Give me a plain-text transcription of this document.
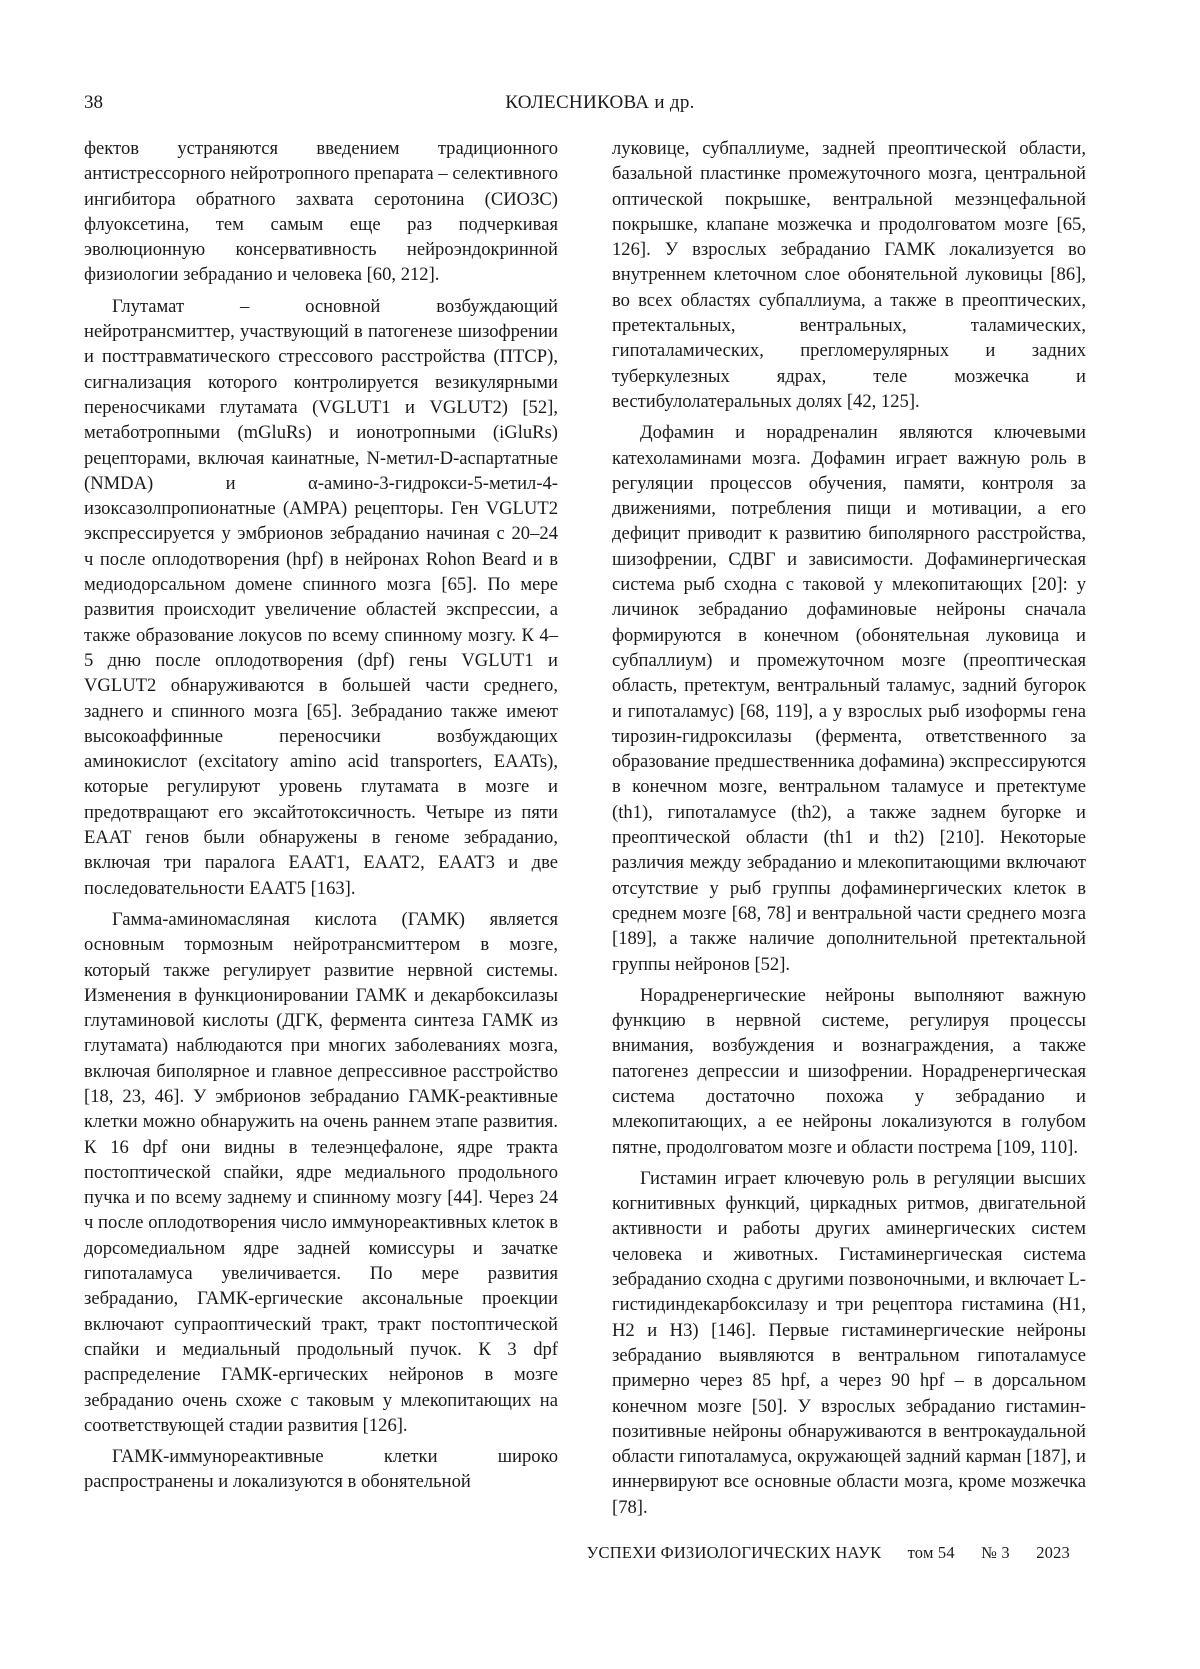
38	КОЛЕСНИКОВА и др.

фектов устраняются введением традиционного антистрессорного нейротропного препарата – селективного ингибитора обратного захвата серотонина (СИОЗС) флуоксетина, тем самым еще раз подчеркивая эволюционную консервативность нейроэндокринной физиологии зебраданио и человека [60, 212].

Глутамат – основной возбуждающий нейротрансмиттер, участвующий в патогенезе шизофрении и посттравматического стрессового расстройства (ПТСР), сигнализация которого контролируется везикулярными переносчиками глутамата (VGLUT1 и VGLUT2) [52], метаботропными (mGluRs) и ионотропными (iGluRs) рецепторами, включая каинатные, N-метил-D-аспартатные (NMDA) и α-амино-3-гидрокси-5-метил-4-изоксазолпропионатные (AMPA) рецепторы. Ген VGLUT2 экспрессируется у эмбрионов зебраданио начиная с 20–24 ч после оплодотворения (hpf) в нейронах Rohon Beard и в медиодорсальном домене спинного мозга [65]. По мере развития происходит увеличение областей экспрессии, а также образование локусов по всему спинному мозгу. К 4–5 дню после оплодотворения (dpf) гены VGLUT1 и VGLUT2 обнаруживаются в большей части среднего, заднего и спинного мозга [65]. Зебраданио также имеют высокоаффинные переносчики возбуждающих аминокислот (excitatory amino acid transporters, EAATs), которые регулируют уровень глутамата в мозге и предотвращают его эксайтотоксичность. Четыре из пяти EAAT генов были обнаружены в геноме зебраданио, включая три паралога EAAT1, EAAT2, EAAT3 и две последовательности EAAT5 [163].

Гамма-аминомасляная кислота (ГАМК) является основным тормозным нейротрансмиттером в мозге, который также регулирует развитие нервной системы. Изменения в функционировании ГАМК и декарбоксилазы глутаминовой кислоты (ДГК, фермента синтеза ГАМК из глутамата) наблюдаются при многих заболеваниях мозга, включая биполярное и главное депрессивное расстройство [18, 23, 46]. У эмбрионов зебраданио ГАМК-реактивные клетки можно обнаружить на очень раннем этапе развития. К 16 dpf они видны в телеэнцефалоне, ядре тракта постоптической спайки, ядре медиального продольного пучка и по всему заднему и спинному мозгу [44]. Через 24 ч после оплодотворения число иммунореактивных клеток в дорсомедиальном ядре задней комиссуры и зачатке гипоталамуса увеличивается. По мере развития зебраданио, ГАМК-ергические аксональные проекции включают супраоптический тракт, тракт постоптической спайки и медиальный продольный пучок. К 3 dpf распределение ГАМК-ергических нейронов в мозге зебраданио очень схоже с таковым у млекопитающих на соответствующей стадии развития [126].

ГАМК-иммунореактивные клетки широко распространены и локализуются в обонятельной

луковице, субпаллиуме, задней преоптической области, базальной пластинке промежуточного мозга, центральной оптической покрышке, вентральной мезэнцефальной покрышке, клапане мозжечка и продолговатом мозге [65, 126]. У взрослых зебраданио ГАМК локализуется во внутреннем клеточном слое обонятельной луковицы [86], во всех областях субпаллиума, а также в преоптических, претектальных, вентральных, таламических, гипоталамических, прегломерулярных и задних туберкулезных ядрах, теле мозжечка и вестибулолатеральных долях [42, 125].

Дофамин и норадреналин являются ключевыми катехоламинами мозга. Дофамин играет важную роль в регуляции процессов обучения, памяти, контроля за движениями, потребления пищи и мотивации, а его дефицит приводит к развитию биполярного расстройства, шизофрении, СДВГ и зависимости. Дофаминергическая система рыб сходна с таковой у млекопитающих [20]: у личинок зебраданио дофаминовые нейроны сначала формируются в конечном (обонятельная луковица и субпаллиум) и промежуточном мозге (преоптическая область, претектум, вентральный таламус, задний бугорок и гипоталамус) [68, 119], а у взрослых рыб изоформы гена тирозин-гидроксилазы (фермента, ответственного за образование предшественника дофамина) экспрессируются в конечном мозге, вентральном таламусе и претектуме (th1), гипоталамусе (th2), а также заднем бугорке и преоптической области (th1 и th2) [210]. Некоторые различия между зебраданио и млекопитающими включают отсутствие у рыб группы дофаминергических клеток в среднем мозге [68, 78] и вентральной части среднего мозга [189], а также наличие дополнительной претектальной группы нейронов [52].

Норадренергические нейроны выполняют важную функцию в нервной системе, регулируя процессы внимания, возбуждения и вознаграждения, а также патогенез депрессии и шизофрении. Норадренергическая система достаточно похожа у зебраданио и млекопитающих, а ее нейроны локализуются в голубом пятне, продолговатом мозге и области постремa [109, 110].

Гистамин играет ключевую роль в регуляции высших когнитивных функций, циркадных ритмов, двигательной активности и работы других аминергических систем человека и животных. Гистаминергическая система зебраданио сходна с другими позвоночными, и включает L-гистидиндекарбоксилазу и три рецептора гистамина (H1, H2 и H3) [146]. Первые гистаминергические нейроны зебраданио выявляются в вентральном гипоталамусе примерно через 85 hpf, а через 90 hpf – в дорсальном конечном мозге [50]. У взрослых зебраданио гистамин-позитивные нейроны обнаруживаются в вентрокаудальной области гипоталамуса, окружающей задний карман [187], и иннервируют все основные области мозга, кроме мозжечка [78].

УСПЕХИ ФИЗИОЛОГИЧЕСКИХ НАУК том 54 № 3 2023
